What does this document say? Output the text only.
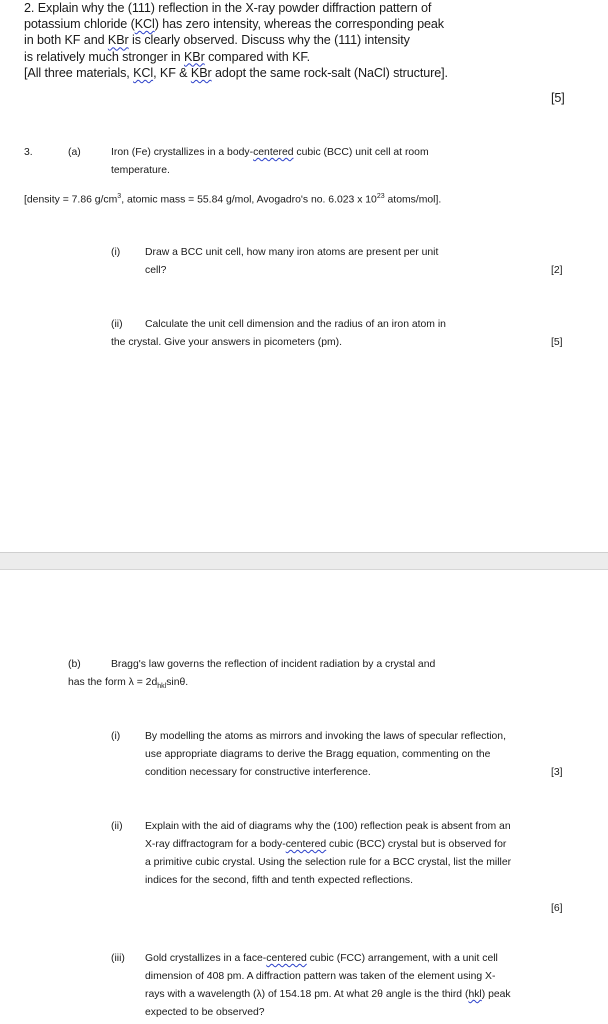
2. Explain why the (111) reflection in the X-ray powder diffraction pattern of
potassium chloride (KCl) has zero intensity, whereas the corresponding peak
in both KF and KBr is clearly observed. Discuss why the (111) intensity
is relatively much stronger in KBr compared with KF.
[All three materials, KCl, KF & KBr adopt the same rock-salt (NaCl) structure].
[5]
3.	(a)	Iron (Fe) crystallizes in a body-centered cubic (BCC) unit cell at room
temperature.
[density = 7.86 $g/cm^3$, atomic mass = 55.84 g/mol, Avogadro's no. 6.023 x $10^{23}$ atoms/mol].
(i) Draw a BCC unit cell, how many iron atoms are present per unit
cell?	[2]
(ii) Calculate the unit cell dimension and the radius of an iron atom in
the crystal. Give your answers in picometers (pm).	[5]
(b)	Bragg's law governs the reflection of incident radiation by a crystal and
has the form $\lambda = 2d_{hkl}\sin\theta$.
(i) By modelling the atoms as mirrors and invoking the laws of specular reflection,
use appropriate diagrams to derive the Bragg equation, commenting on the
condition necessary for constructive interference.	[3]
(ii) Explain with the aid of diagrams why the (100) reflection peak is absent from an
X-ray diffractogram for a body-centered cubic (BCC) crystal but is observed for
a primitive cubic crystal. Using the selection rule for a BCC crystal, list the miller
indices for the second, fifth and tenth expected reflections.
[6]
(iii) Gold crystallizes in a face-centered cubic (FCC) arrangement, with a unit cell
dimension of 408 pm. A diffraction pattern was taken of the element using X-
rays with a wavelength (λ) of 154.18 pm. At what 2θ angle is the third (hkl) peak
expected to be observed?
